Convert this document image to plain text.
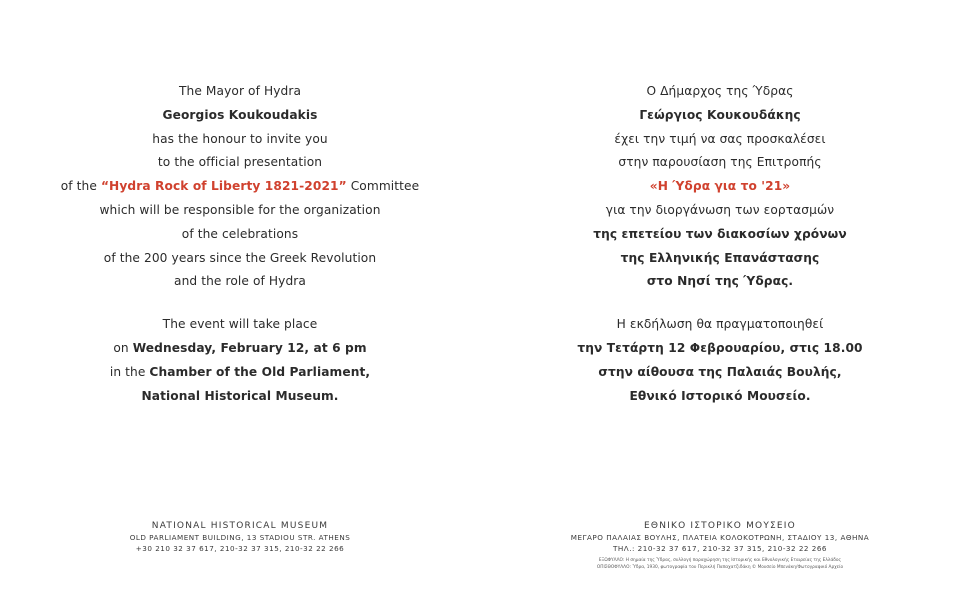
The Mayor of Hydra
Georgios Koukoudakis
has the honour to invite you
to the official presentation
of the “Hydra Rock of Liberty 1821-2021” Committee
which will be responsible for the organization
of the celebrations
of the 200 years since the Greek Revolution
and the role of Hydra
The event will take place
on Wednesday, February 12, at 6 pm
in the Chamber of the Old Parliament,
National Historical Museum.
Ο Δήμαρχος της Ύδρας
Γεώργιος Κουκουδάκης
έχει την τιμή να σας προσκαλέσει
στην παρουσίαση της Επιτροπής
«Η Ύδρα για το '21»
για την διοργάνωση των εορτασμών
της επετείου των διακοσίων χρόνων
της Ελληνικής Επανάστασης
στο Νησί της Ύδρας.
Η εκδήλωση θα πραγματοποιηθεί
την Τετάρτη 12 Φεβρουαρίου, στις 18.00
στην αίθουσα της Παλαιάς Βουλής,
Εθνικό Ιστορικό Μουσείο.
NATIONAL HISTORICAL MUSEUM
OLD PARLIAMENT BUILDING, 13 STADIOU STR. ATHENS
+30 210 32 37 617, 210-32 37 315, 210-32 22 266
ΕΘΝΙΚΟ ΙΣΤΟΡΙΚΟ ΜΟΥΣΕΙΟ
ΜΕΓΑΡΟ ΠΑΛΑΙΑΣ ΒΟΥΛΗΣ, ΠΛΑΤΕΙΑ ΚΟΛΟΚΟΤΡΩΝΗ, ΣΤΑΔΙΟΥ 13, ΑΘΗΝΑ
ΤΗΛ.: 210-32 37 617, 210-32 37 315, 210-32 22 266
ΕΞΩΦΥΛΛΟ: Η σημαία της Ύδρας, συλλογή παραχώρηση της Ιστορικής και Εθνολογικής Εταιρείας της Ελλάδος
ΟΠΙΣΘΟΦΥΛΛΟ: Ύδρα, 1930, φωτογραφία του Περικλή Παπαχατζιδάκη © Μουσείο Μπενάκη/Φωτογραφικό Αρχείο
